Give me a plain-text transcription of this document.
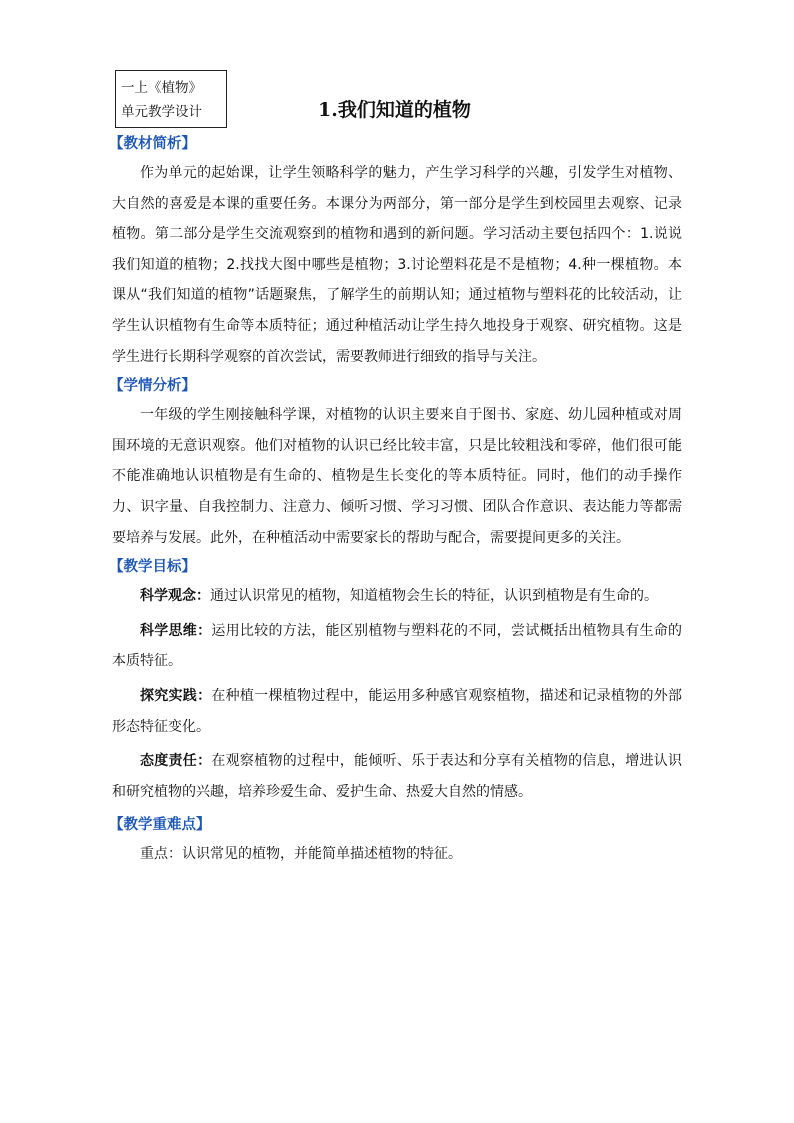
一上《植物》
单元教学设计	1.我们知道的植物
【教材简析】

作为单元的起始课，让学生领略科学的魅力，产生学习科学的兴趣，引发学生对植物、大自然的喜爱是本课的重要任务。本课分为两部分，第一部分是学生到校园里去观察、记录植物。第二部分是学生交流观察到的植物和遇到的新问题。学习活动主要包括四个：1.说说我们知道的植物；2.找找大图中哪些是植物；3.讨论塑料花是不是植物；4.种一棵植物。本课从“我们知道的植物”话题聚焦，了解学生的前期认知；通过植物与塑料花的比较活动，让学生认识植物有生命等本质特征；通过种植活动让学生持久地投身于观察、研究植物。这是学生进行长期科学观察的首次尝试，需要教师进行细致的指导与关注。

【学情分析】

一年级的学生刚接触科学课，对植物的认识主要来自于图书、家庭、幼儿园种植或对周围环境的无意识观察。他们对植物的认识已经比较丰富，只是比较粗浅和零碎，他们很可能不能准确地认识植物是有生命的、植物是生长变化的等本质特征。同时，他们的动手操作力、识字量、自我控制力、注意力、倾听习惯、学习习惯、团队合作意识、表达能力等都需要培养与发展。此外，在种植活动中需要家长的帮助与配合，需要提间更多的关注。

【教学目标】

科学观念：通过认识常见的植物，知道植物会生长的特征，认识到植物是有生命的。

科学思维：运用比较的方法，能区别植物与塑料花的不同，尝试概括出植物具有生命的本质特征。

探究实践：在种植一棵植物过程中，能运用多种感官观察植物，描述和记录植物的外部形态特征变化。

态度责任：在观察植物的过程中，能倾听、乐于表达和分享有关植物的信息，增进认识和研究植物的兴趣，培养珍爱生命、爱护生命、热爱大自然的情感。

【教学重难点】

重点：认识常见的植物，并能简单描述植物的特征。
